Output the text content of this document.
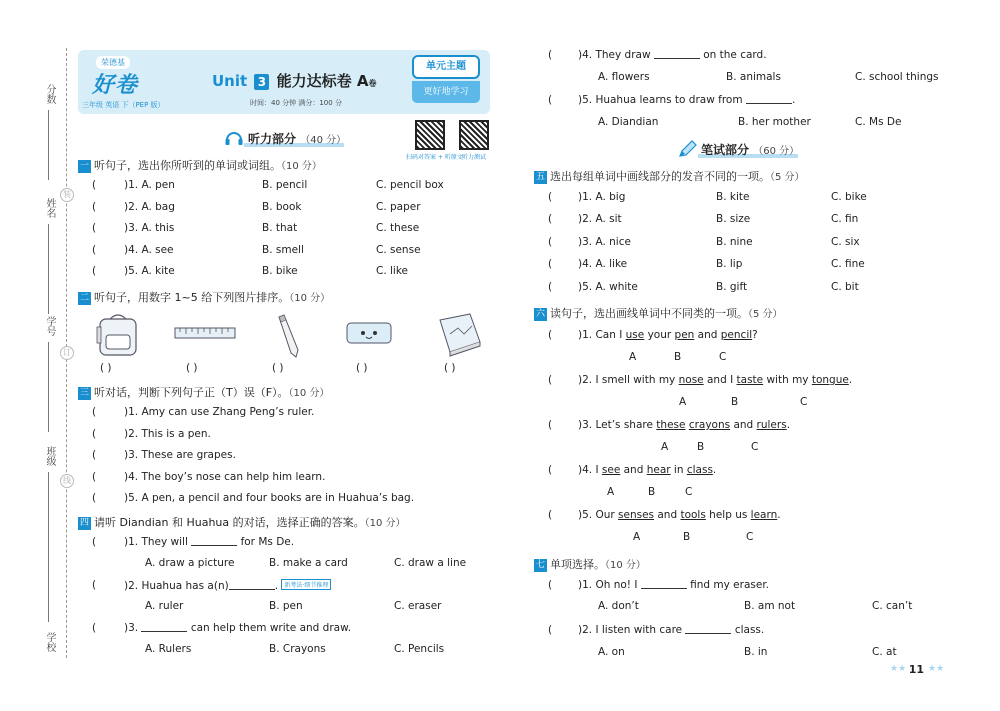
分数
姓名
学号
班级
学校
装
订
线
荣德基
好卷
三年级 英语 下（PEP 版）
Unit 3 能力达标卷 A卷
时间：40 分钟 满分：100 分
单元主题
更好地学习
扫码对答案 + 听原文 听力测试
听力部分 （40 分）
一 听句子，选出你所听到的单词或词组。（10 分）
(	)1. A. pen	B. pencil	C. pencil box
(	)2. A. bag	B. book	C. paper
(	)3. A. this	B. that	C. these
(	)4. A. see	B. smell	C. sense
(	)5. A. kite	B. bike	C. like
二 听句子，用数字 1~5 给下列图片排序。（10 分）
( )	( )	( )	( )	( )
三 听对话，判断下列句子正（T）误（F）。（10 分）
(	)1. Amy can use Zhang Peng’s ruler.
(	)2. This is a pen.
(	)3. These are grapes.
(	)4. The boy’s nose can help him learn.
(	)5. A pen, a pencil and four books are in Huahua’s bag.
四 请听 Diandian 和 Huahua 的对话，选择正确的答案。（10 分）
(	)1. They will	for Ms De.
A. draw a picture	B. make a card	C. draw a line
(	)2. Huahua has a(n)	. 新考法·细节推理
A. ruler	B. pen	C. eraser
(	)3.	can help them write and draw.
A. Rulers	B. Crayons	C. Pencils
( )4. They draw	on the card.
A. flowers	B. animals	C. school things
( )5. Huahua learns to draw from	.
A. Diandian	B. her mother	C. Ms De
笔试部分 （60 分）
五 选出每组单词中画线部分的发音不同的一项。（5 分）
( )1. A. big	B. kite	C. bike
( )2. A. sit	B. size	C. fin
( )3. A. nice	B. nine	C. six
( )4. A. like	B. lip	C. fine
( )5. A. white	B. gift	C. bit
六 读句子，选出画线单词中不同类的一项。（5 分）
( )1. Can I use your pen and pencil?
A	B	C
( )2. I smell with my nose and I taste with my tongue.
A	B	C
( )3. Let’s share these crayons and rulers.
A	B	C
( )4. I see and hear in class.
A	B	C
( )5. Our senses and tools help us learn.
A	B	C
七 单项选择。（10 分）
( )1. Oh no! I	find my eraser.
A. don’t	B. am not	C. can’t
( )2. I listen with care	class.
A. on	B. in	C. at
★★ 11 ★★
